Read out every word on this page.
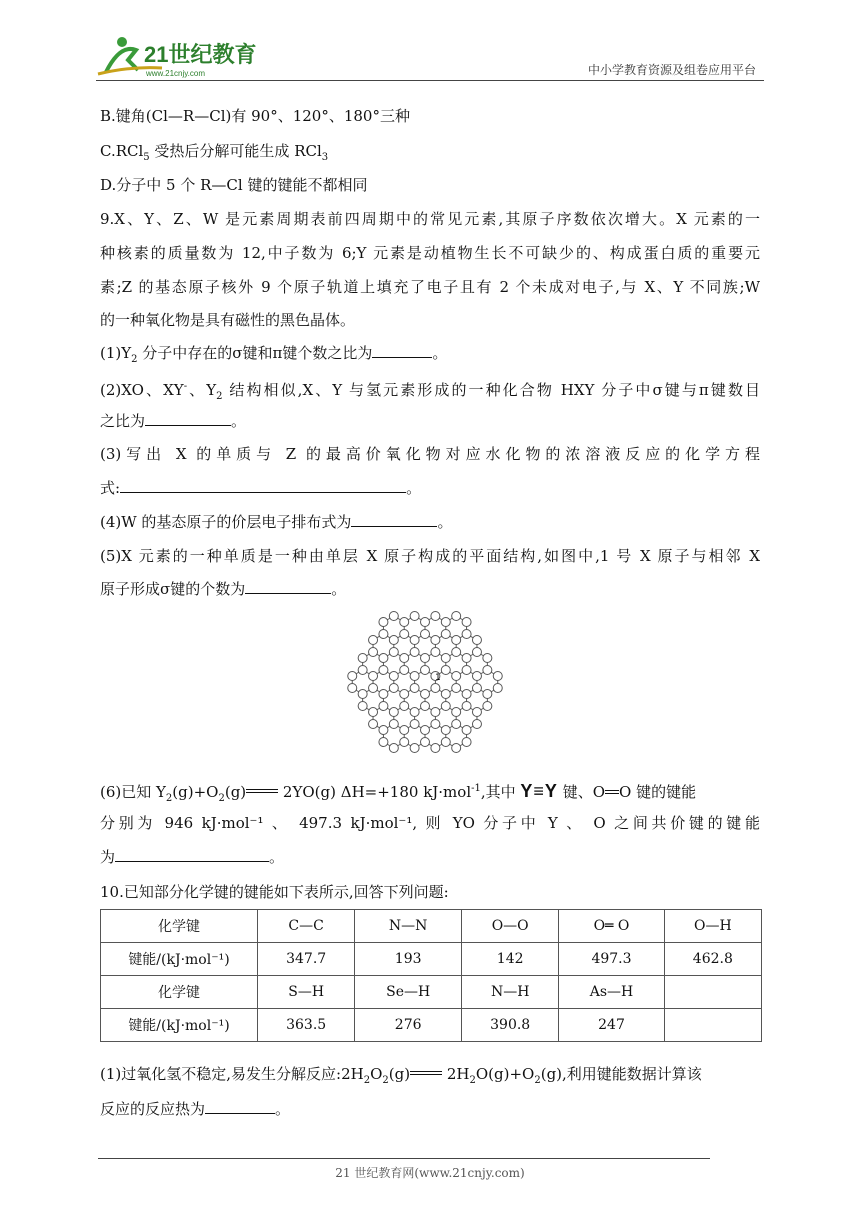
21世纪教育
www.21cnjy.com	中小学教育资源及组卷应用平台
B.键角(Cl—R—Cl)有 90°、120°、180°三种
C.RCl$_5$ 受热后分解可能生成 RCl$_3$
D.分子中 5 个 R—Cl 键的键能不都相同
9.X、Y、Z、W 是元素周期表前四周期中的常见元素,其原子序数依次增大。X 元素的一
种核素的质量数为 12,中子数为 6;Y 元素是动植物生长不可缺少的、构成蛋白质的重要元
素;Z 的基态原子核外 9 个原子轨道上填充了电子且有 2 个未成对电子,与 X、Y 不同族;W
的一种氧化物是具有磁性的黑色晶体。
$(1)Y_2$ 分子中存在的σ键和π键个数之比为	。
(2)XO、XY-、$Y_2$ 结构相似,X、Y 与氢元素形成的一种化合物 HXY 分子中σ键与π键数目
之比为	。
(3)写出 X 的单质与 Z 的最高价氧化物对应水化物的浓溶液反应的化学方程
式:	。
(4)W 的基态原子的价层电子排布式为	。
(5)X 元素的一种单质是一种由单层 X 原子构成的平面结构,如图中,1 号 X 原子与相邻 X
原子形成σ键的个数为	。
1
(6)已知 $Y_2(g)+O_2(g)$ 2YO(g) ΔH=+180 kJ·mol$^{-1}$,其中 Y≡Y 键、O O 键的键能
分别为 946 kJ·mol⁻¹ 、 497.3 kJ·mol⁻¹, 则 YO 分子中 Y 、 O 之间共价键的键能
为	。
10.已知部分化学键的键能如下表所示,回答下列问题:
化学键	C—C	N—N	O—O	O═ O	O—H
键能/(kJ·mol⁻¹)	347.7	193	142	497.3	462.8
化学键	S—H	Se—H	N—H	As—H	
键能/(kJ·mol⁻¹)	363.5	276	390.8	247	
(1)过氧化氢不稳定,易发生分解反应$:2H_2O_2(g)$ $2H_2O(g)+O_2(g)$,利用键能数据计算该
反应的反应热为	。
21 世纪教育网(www.21cnjy.com)
